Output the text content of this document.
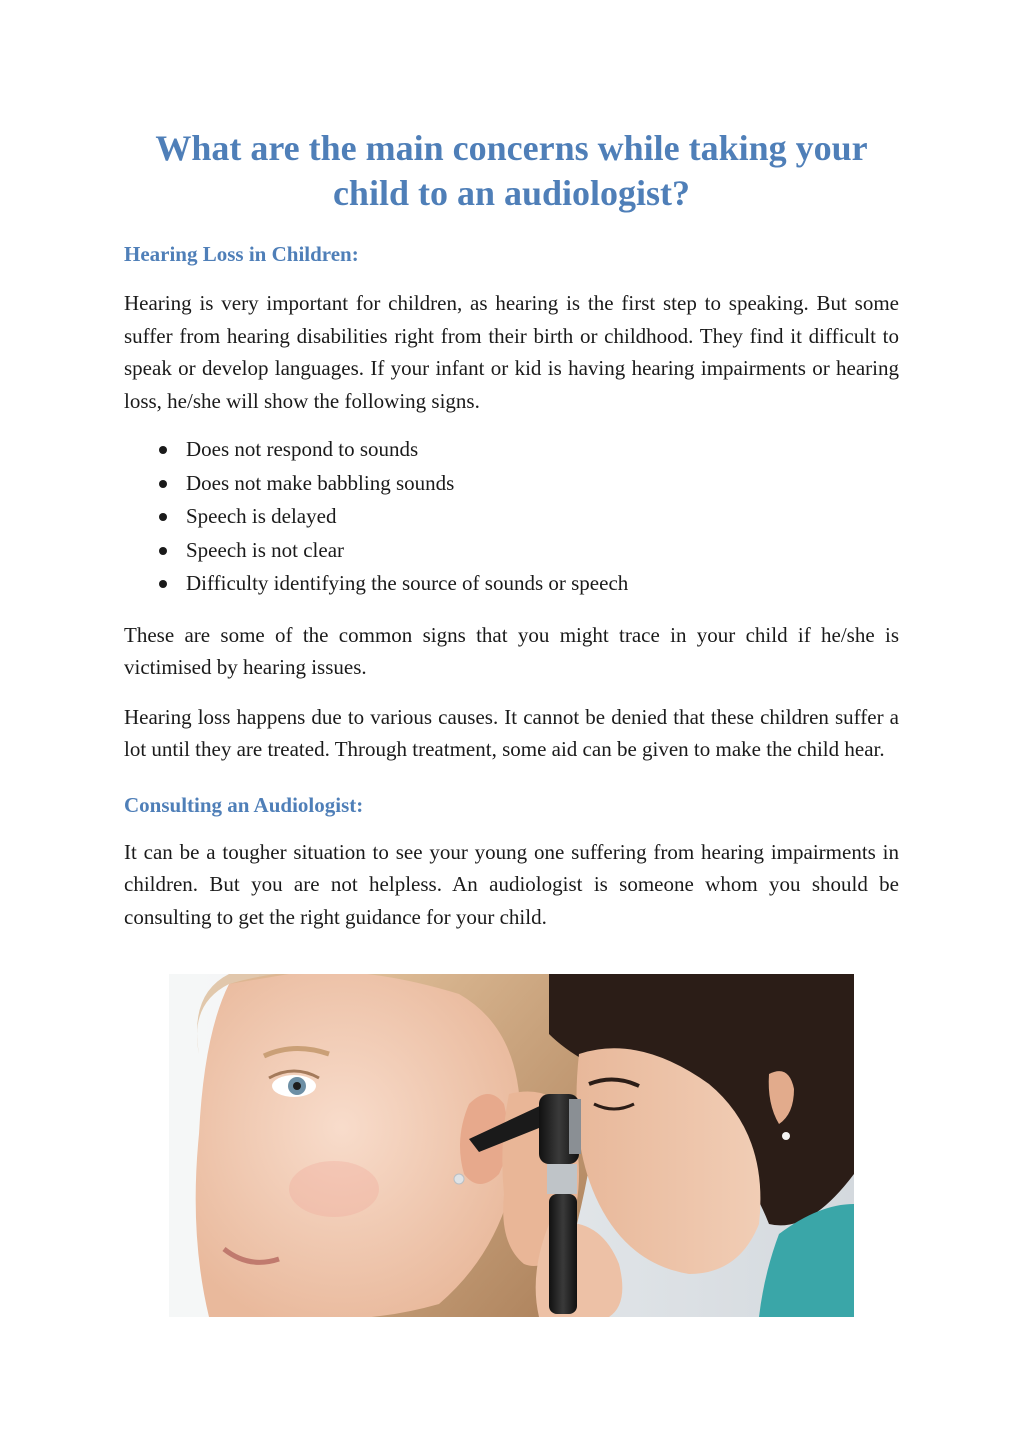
What are the main concerns while taking your child to an audiologist?
Hearing Loss in Children:

Hearing is very important for children, as hearing is the first step to speaking. But some suffer from hearing disabilities right from their birth or childhood. They find it difficult to speak or develop languages. If your infant or kid is having hearing impairments or hearing loss, he/she will show the following signs.

Does not respond to sounds
Does not make babbling sounds
Speech is delayed
Speech is not clear
Difficulty identifying the source of sounds or speech

These are some of the common signs that you might trace in your child if he/she is victimised by hearing issues.

Hearing loss happens due to various causes. It cannot be denied that these children suffer a lot until they are treated. Through treatment, some aid can be given to make the child hear.

Consulting an Audiologist:

It can be a tougher situation to see your young one suffering from hearing impairments in children. But you are not helpless. An audiologist is someone whom you should be consulting to get the right guidance for your child.
